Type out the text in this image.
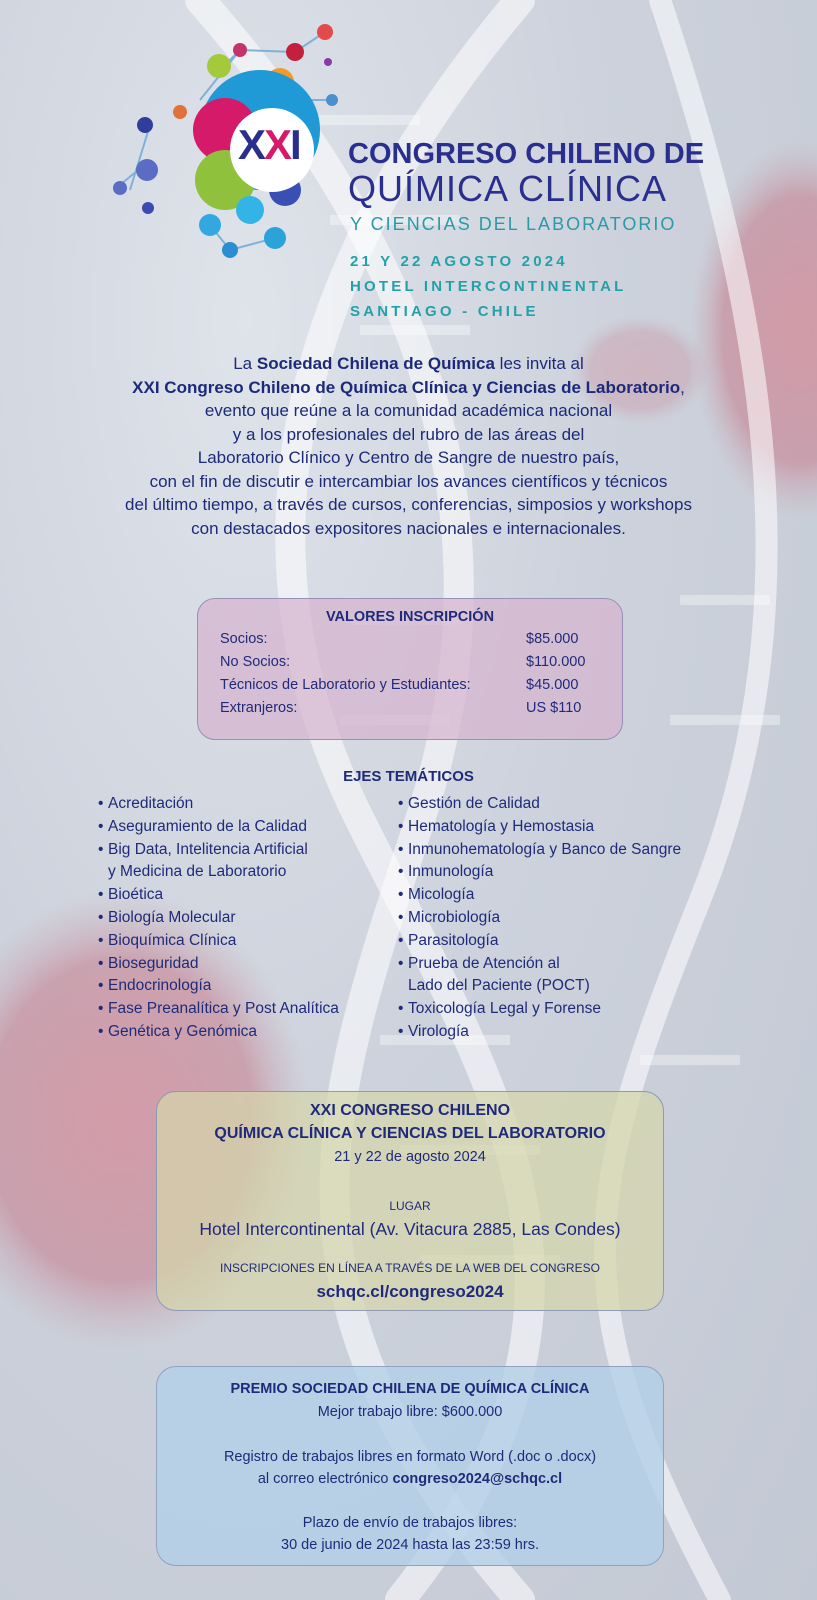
XXI CONGRESO CHILENO DE
QUÍMICA CLÍNICA
Y CIENCIAS DEL LABORATORIO
21 Y 22 AGOSTO 2024
HOTEL INTERCONTINENTAL
SANTIAGO - CHILE
La Sociedad Chilena de Química les invita al
XXI Congreso Chileno de Química Clínica y Ciencias de Laboratorio,
evento que reúne a la comunidad académica nacional
y a los profesionales del rubro de las áreas del
Laboratorio Clínico y Centro de Sangre de nuestro país,
con el fin de discutir e intercambiar los avances científicos y técnicos
del último tiempo, a través de cursos, conferencias, simposios y workshops
con destacados expositores nacionales e internacionales.
VALORES INSCRIPCIÓN
Socios:	$85.000
No Socios:	$110.000
Técnicos de Laboratorio y Estudiantes:	$45.000
Extranjeros:	US $110
EJES TEMÁTICOS
• Acreditación
• Aseguramiento de la Calidad
• Big Data, Intelitencia Artificial
y Medicina de Laboratorio
• Bioética
• Biología Molecular
• Bioquímica Clínica
• Bioseguridad
• Endocrinología
• Fase Preanalítica y Post Analítica
• Genética y Genómica
• Gestión de Calidad
• Hematología y Hemostasia
• Inmunohematología y Banco de Sangre
• Inmunología
• Micología
• Microbiología
• Parasitología
• Prueba de Atención al
Lado del Paciente (POCT)
• Toxicología Legal y Forense
• Virología
XXI CONGRESO CHILENO
QUÍMICA CLÍNICA Y CIENCIAS DEL LABORATORIO
21 y 22 de agosto 2024
LUGAR
Hotel Intercontinental (Av. Vitacura 2885, Las Condes)
INSCRIPCIONES EN LÍNEA A TRAVÉS DE LA WEB DEL CONGRESO
schqc.cl/congreso2024
PREMIO SOCIEDAD CHILENA DE QUÍMICA CLÍNICA
Mejor trabajo libre: $600.000
Registro de trabajos libres en formato Word (.doc o .docx)
al correo electrónico congreso2024@schqc.cl
Plazo de envío de trabajos libres:
30 de junio de 2024 hasta las 23:59 hrs.
